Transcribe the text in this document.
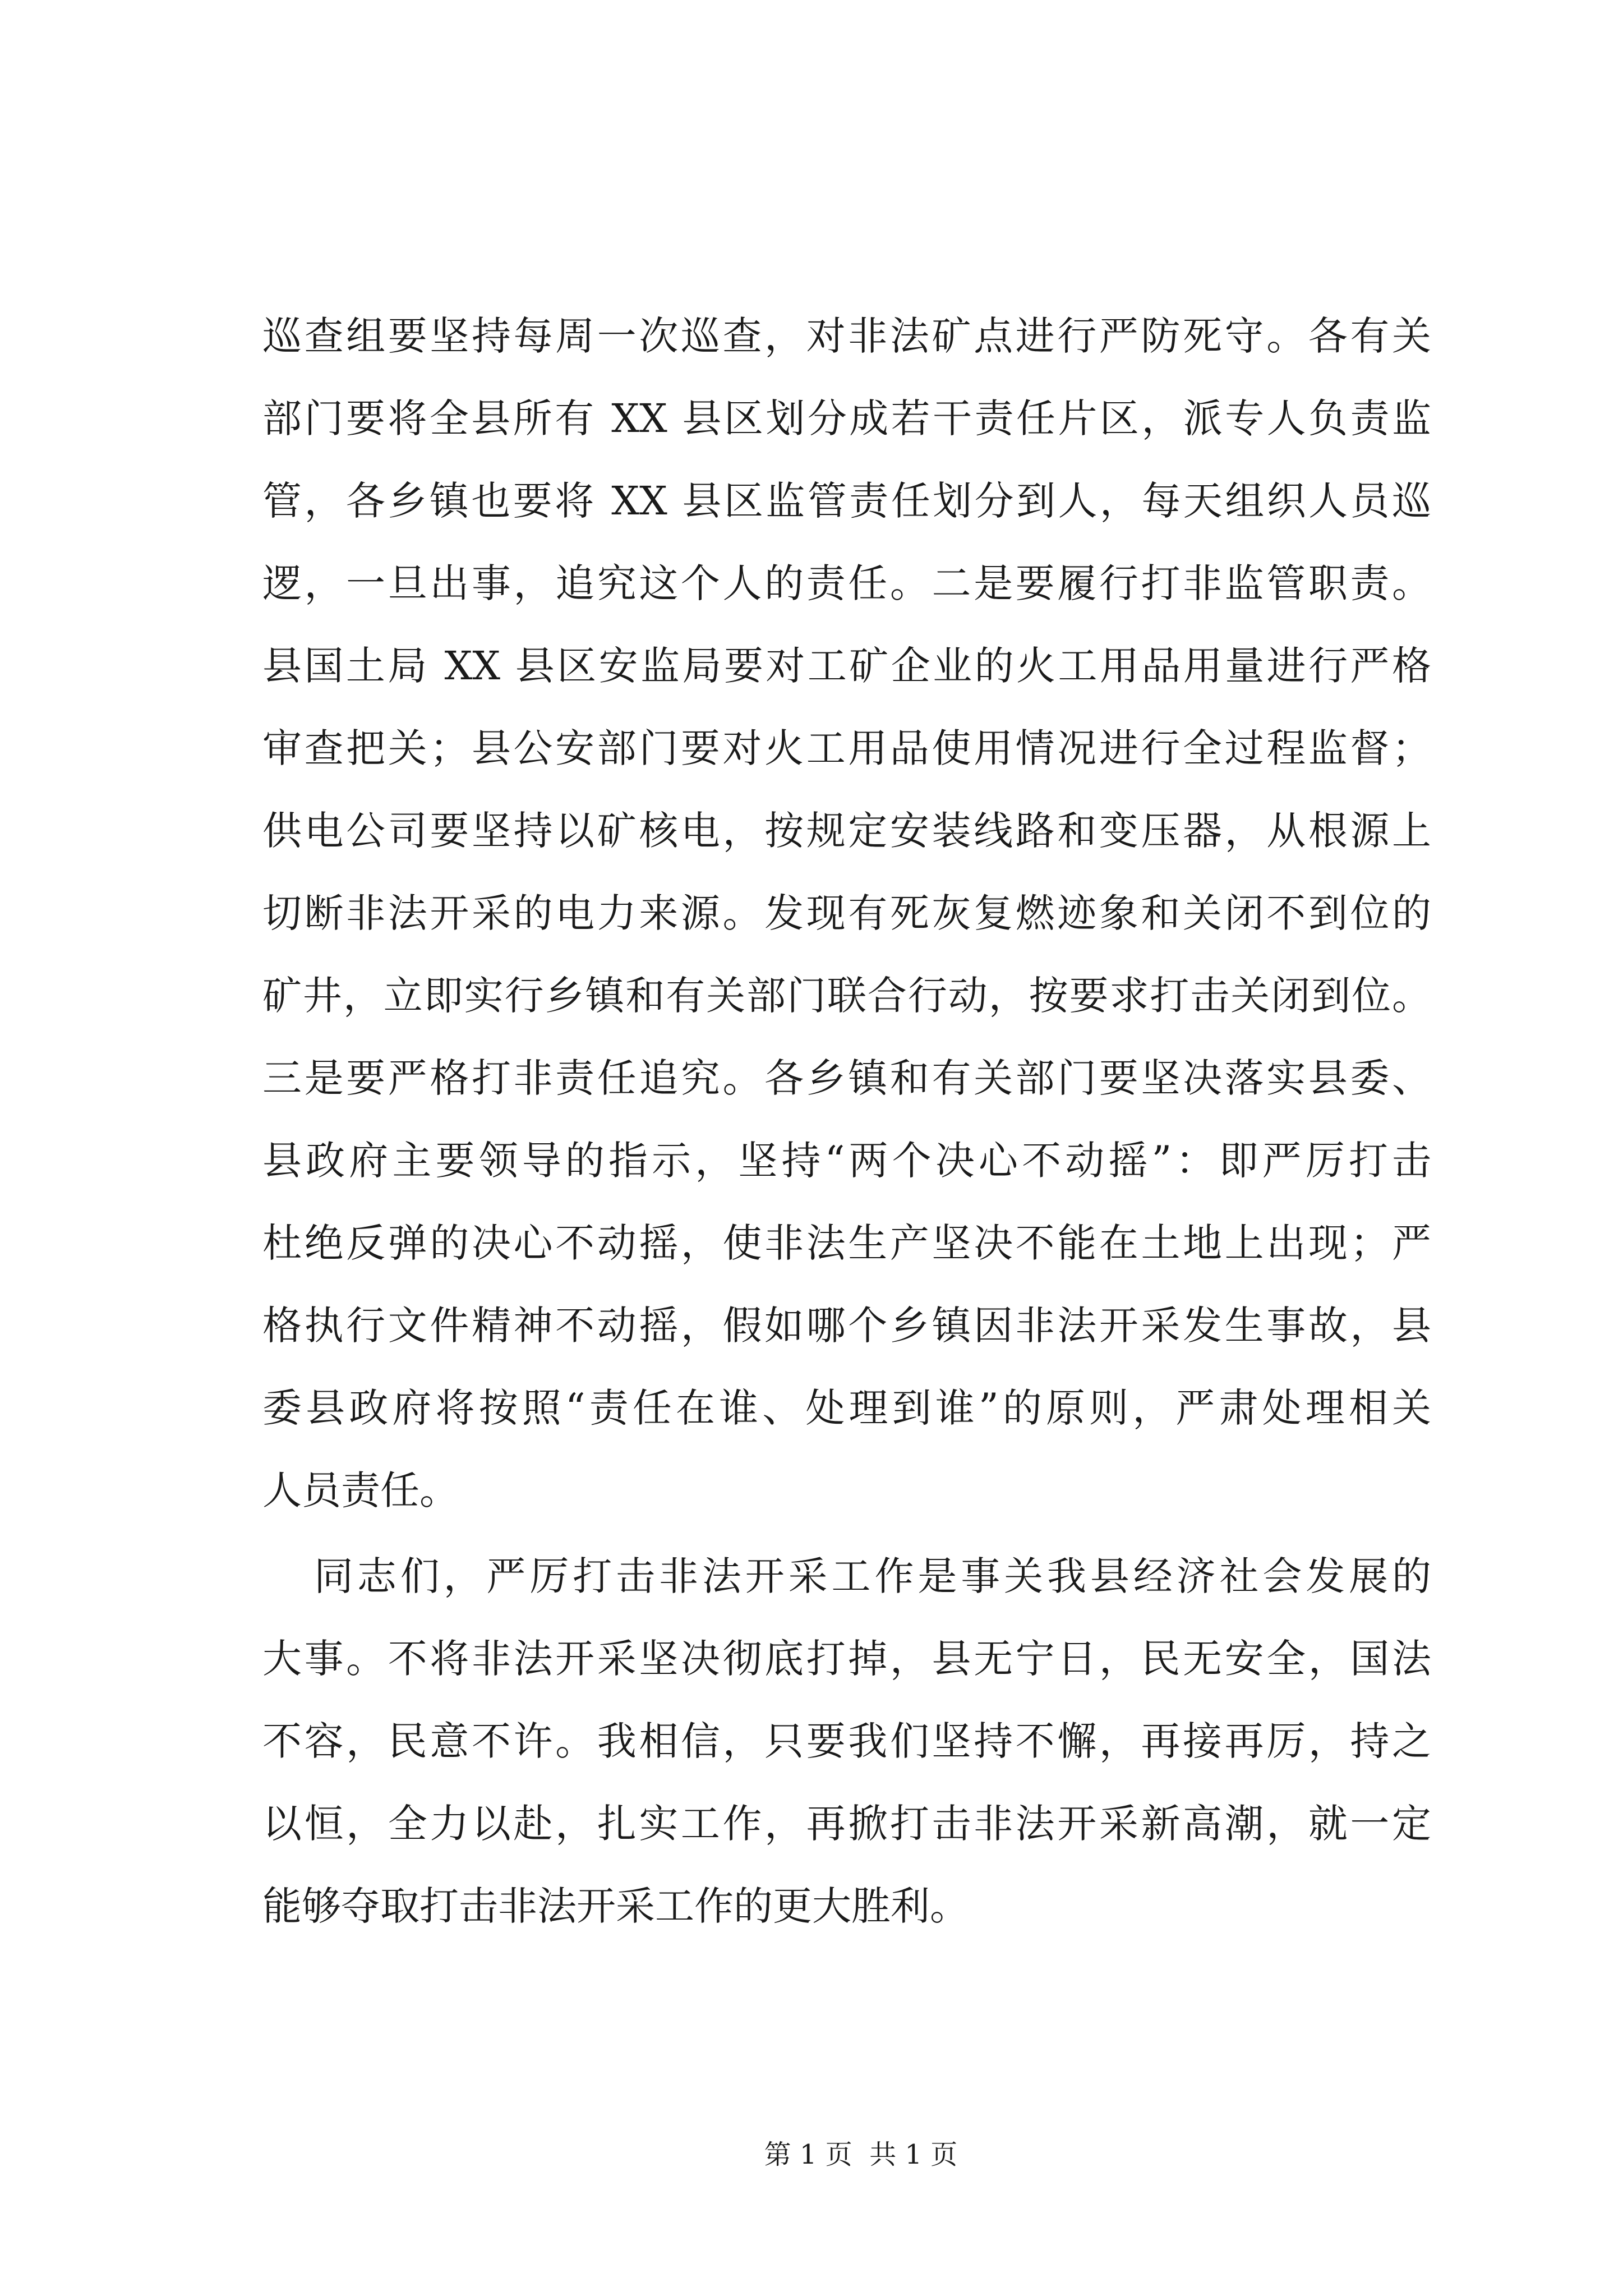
巡查组要坚持每周一次巡查，对非法矿点进行严防死守。各有关
部门要将全县所有 XX 县区划分成若干责任片区，派专人负责监
管，各乡镇也要将 XX 县区监管责任划分到人，每天组织人员巡
逻，一旦出事，追究这个人的责任。二是要履行打非监管职责。
县国土局 XX 县区安监局要对工矿企业的火工用品用量进行严格
审查把关；县公安部门要对火工用品使用情况进行全过程监督；
供电公司要坚持以矿核电，按规定安装线路和变压器，从根源上
切断非法开采的电力来源。发现有死灰复燃迹象和关闭不到位的
矿井，立即实行乡镇和有关部门联合行动，按要求打击关闭到位。
三是要严格打非责任追究。各乡镇和有关部门要坚决落实县委、
县政府主要领导的指示，坚持“两个决心不动摇”：即严厉打击
杜绝反弹的决心不动摇，使非法生产坚决不能在土地上出现；严
格执行文件精神不动摇，假如哪个乡镇因非法开采发生事故，县
委县政府将按照“责任在谁、处理到谁”的原则，严肃处理相关
人员责任。
同志们，严厉打击非法开采工作是事关我县经济社会发展的
大事。不将非法开采坚决彻底打掉，县无宁日，民无安全，国法
不容，民意不许。我相信，只要我们坚持不懈，再接再厉，持之
以恒，全力以赴，扎实工作，再掀打击非法开采新高潮，就一定
能够夺取打击非法开采工作的更大胜利。
第 1 页  共 1 页
